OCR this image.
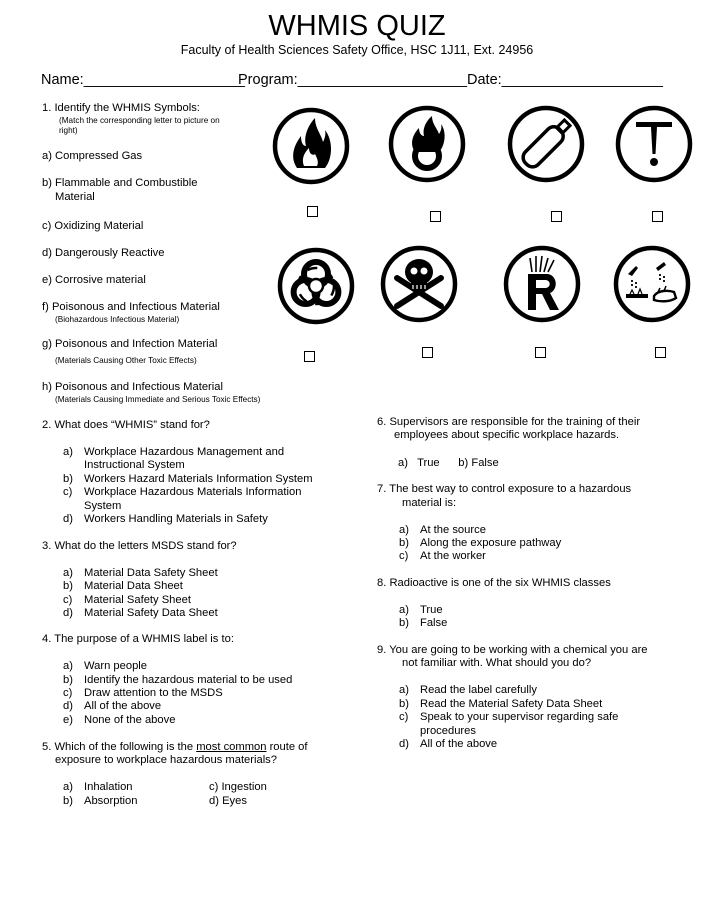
WHMIS QUIZ
Faculty of Health Sciences Safety Office, HSC 1J11, Ext. 24956
Name:____________________
Program:_____________________ Date:____________________
1. Identify the WHMIS Symbols:
(Match the corresponding letter to picture on
right)
a) Compressed Gas
b) Flammable and Combustible
Material
c) Oxidizing Material
d) Dangerously Reactive
e) Corrosive material
f) Poisonous and Infectious Material
(Biohazardous Infectious Material)
g) Poisonous and Infection Material
(Materials Causing Other Toxic Effects)
h) Poisonous and Infectious Material
(Materials Causing Immediate and Serious Toxic Effects)
2. What does “WHMIS” stand for?
a) Workplace Hazardous Management and
Instructional System
b) Workers Hazard Materials Information System
c) Workplace Hazardous Materials Information
System
d) Workers Handling Materials in Safety
3. What do the letters MSDS stand for?
a) Material Data Safety Sheet
b) Material Data Sheet
c) Material Safety Sheet
d) Material Safety Data Sheet
4. The purpose of a WHMIS label is to:
a) Warn people
b) Identify the hazardous material to be used
c) Draw attention to the MSDS
d) All of the above
e) None of the above
5. Which of the following is the most common route of
exposure to workplace hazardous materials?
a) Inhalation
b) Absorption
c) Ingestion
d) Eyes
6. Supervisors are responsible for the training of their
employees about specific workplace hazards.
a)   True      b) False
7. The best way to control exposure to a hazardous
material is:
a) At the source
b) Along the exposure pathway
c) At the worker
8. Radioactive is one of the six WHMIS classes
a) True
b) False
9. You are going to be working with a chemical you are
not familiar with. What should you do?
a) Read the label carefully
b) Read the Material Safety Data Sheet
c) Speak to your supervisor regarding safe
procedures
d) All of the above
